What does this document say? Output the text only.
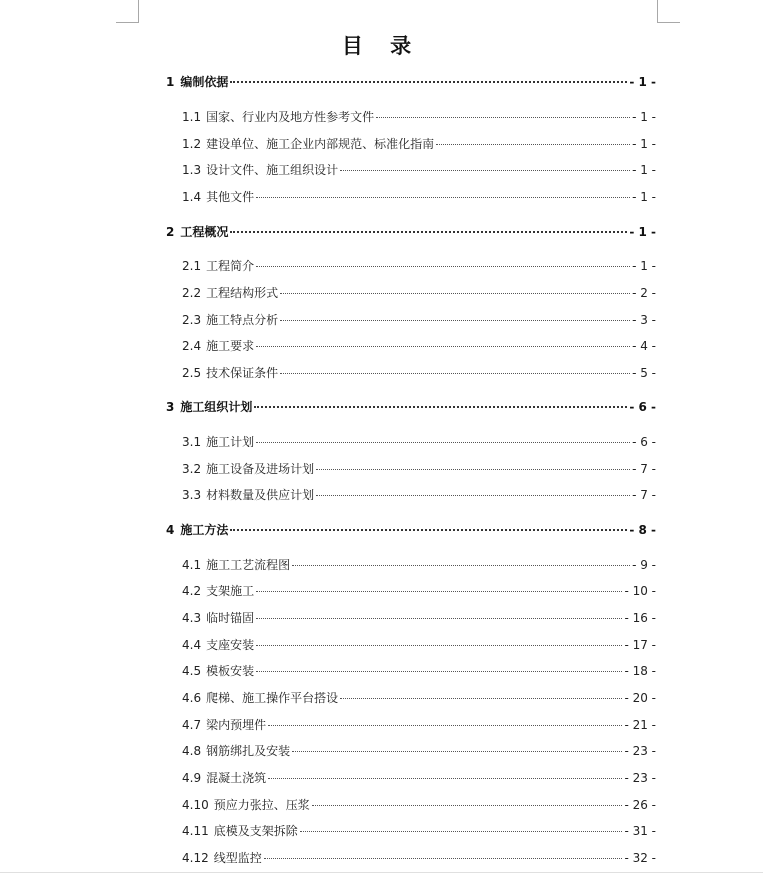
目 录
1 编制依据	- 1 -
1.1 国家、行业内及地方性参考文件	- 1 -
1.2 建设单位、施工企业内部规范、标准化指南	- 1 -
1.3 设计文件、施工组织设计	- 1 -
1.4 其他文件	- 1 -
2 工程概况	- 1 -
2.1 工程简介	- 1 -
2.2 工程结构形式	- 2 -
2.3 施工特点分析	- 3 -
2.4 施工要求	- 4 -
2.5 技术保证条件	- 5 -
3 施工组织计划	- 6 -
3.1 施工计划	- 6 -
3.2 施工设备及进场计划	- 7 -
3.3 材料数量及供应计划	- 7 -
4 施工方法	- 8 -
4.1 施工工艺流程图	- 9 -
4.2 支架施工	- 10 -
4.3 临时锚固	- 16 -
4.4 支座安装	- 17 -
4.5 模板安装	- 18 -
4.6 爬梯、施工操作平台搭设	- 20 -
4.7 梁内预埋件	- 21 -
4.8 钢筋绑扎及安装	- 23 -
4.9 混凝土浇筑	- 23 -
4.10 预应力张拉、压浆	- 26 -
4.11 底模及支架拆除	- 31 -
4.12 线型监控	- 32 -
